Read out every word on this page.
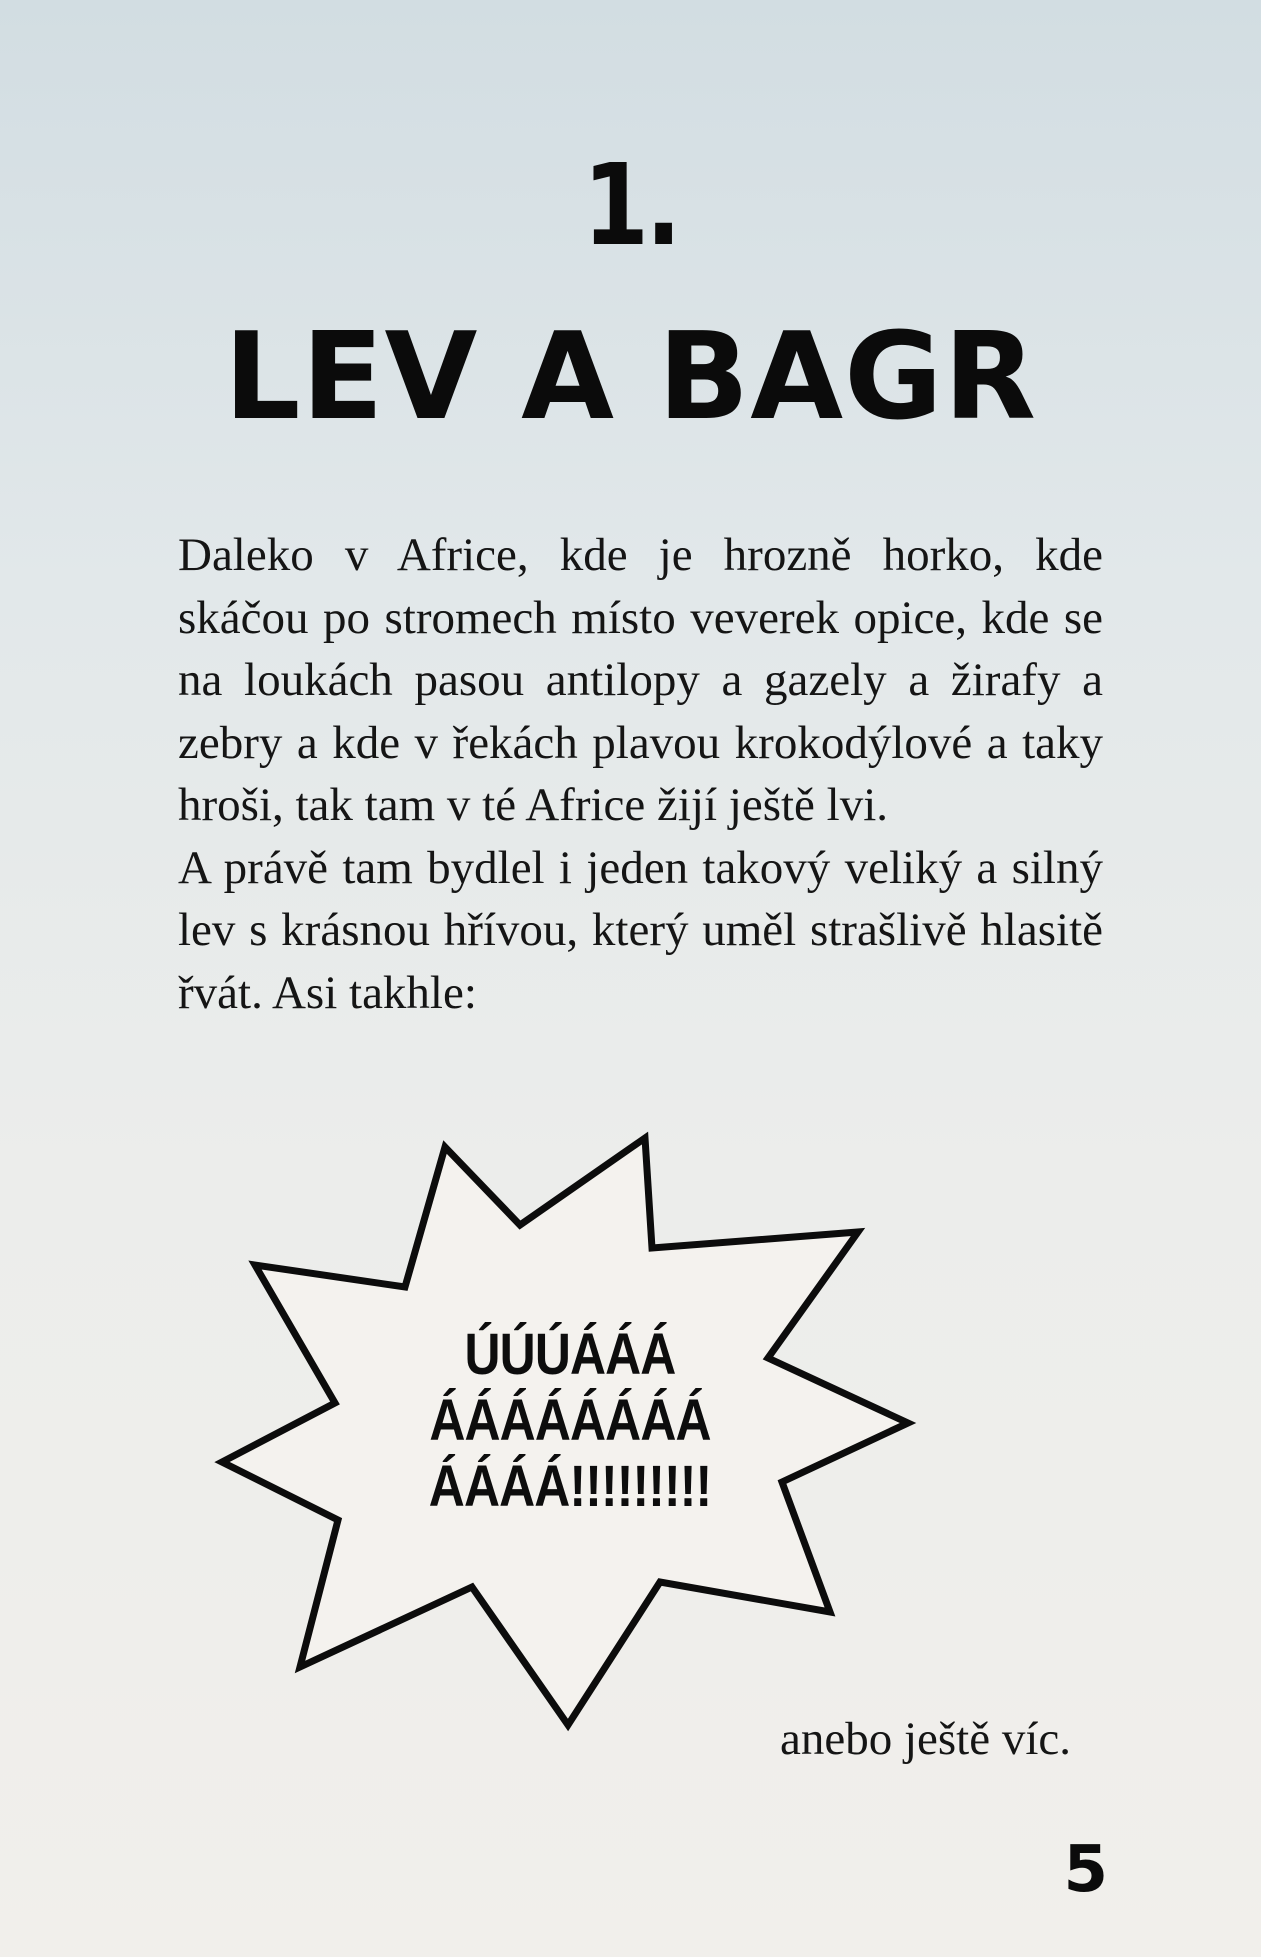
1.
LEV A BAGR

Daleko v Africe, kde je hrozně horko, kde skáčou po stromech místo veverek opice, kde se na loukách pasou antilopy a gazely a žirafy a zebry a kde v řekách plavou krokodýlové a taky hroši, tak tam v té Africe žijí ještě lvi.

A právě tam bydlel i jeden takový veliký a silný lev s krásnou hřívou, který uměl strašlivě hlasitě řvát. Asi takhle:

ÚÚÚÁÁÁ
ÁÁÁÁÁÁÁÁ
ÁÁÁÁ!!!!!!!!!
anebo ještě víc.
5
